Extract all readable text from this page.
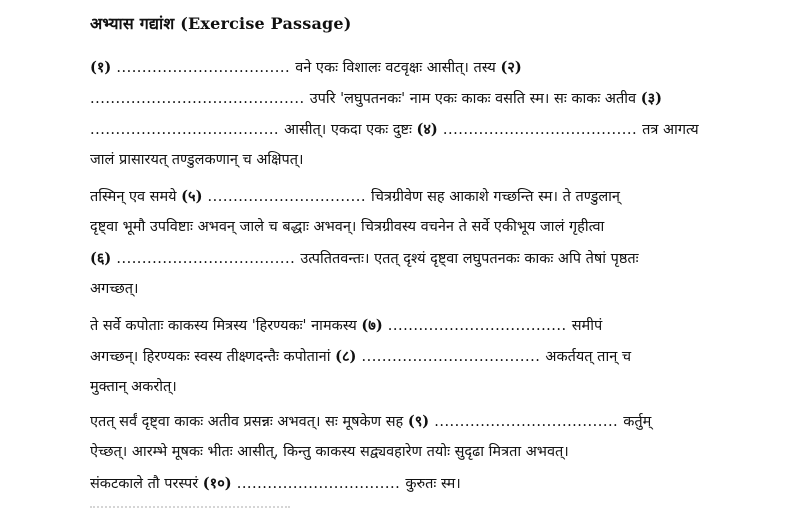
अभ्यास गद्यांश (Exercise Passage)
(१) .................................. वने एकः विशालः वटवृक्षः आसीत्। तस्य (२)
.......................................... उपरि 'लघुपतनकः' नाम एकः काकः वसति स्म। सः काकः अतीव (३)
..................................... आसीत्। एकदा एकः दुष्टः (४) ...................................... तत्र आगत्य
जालं प्रासारयत् तण्डुलकणान् च अक्षिपत्।
तस्मिन् एव समये (५) ............................... चित्रग्रीवेण सह आकाशे गच्छन्ति स्म। ते तण्डुलान्
दृष्ट्वा भूमौ उपविष्टाः अभवन् जाले च बद्धाः अभवन्। चित्रग्रीवस्य वचनेन ते सर्वे एकीभूय जालं गृहीत्वा
(६) ................................... उत्पतितवन्तः। एतत् दृश्यं दृष्ट्वा लघुपतनकः काकः अपि तेषां पृष्ठतः
अगच्छत्।
ते सर्वे कपोताः काकस्य मित्रस्य 'हिरण्यकः' नामकस्य (७) ................................... समीपं
अगच्छन्। हिरण्यकः स्वस्य तीक्ष्णदन्तैः कपोतानां (८) ................................... अकर्तयत् तान् च
मुक्तान् अकरोत्।
एतत् सर्वं दृष्ट्वा काकः अतीव प्रसन्नः अभवत्। सः मूषकेण सह (९) .................................... कर्तुम्
ऐच्छत्। आरम्भे मूषकः भीतः आसीत्, किन्तु काकस्य सद्व्यवहारेण तयोः सुदृढा मित्रता अभवत्।
संकटकाले तौ परस्परं (१०) ................................ कुरुतः स्म।
